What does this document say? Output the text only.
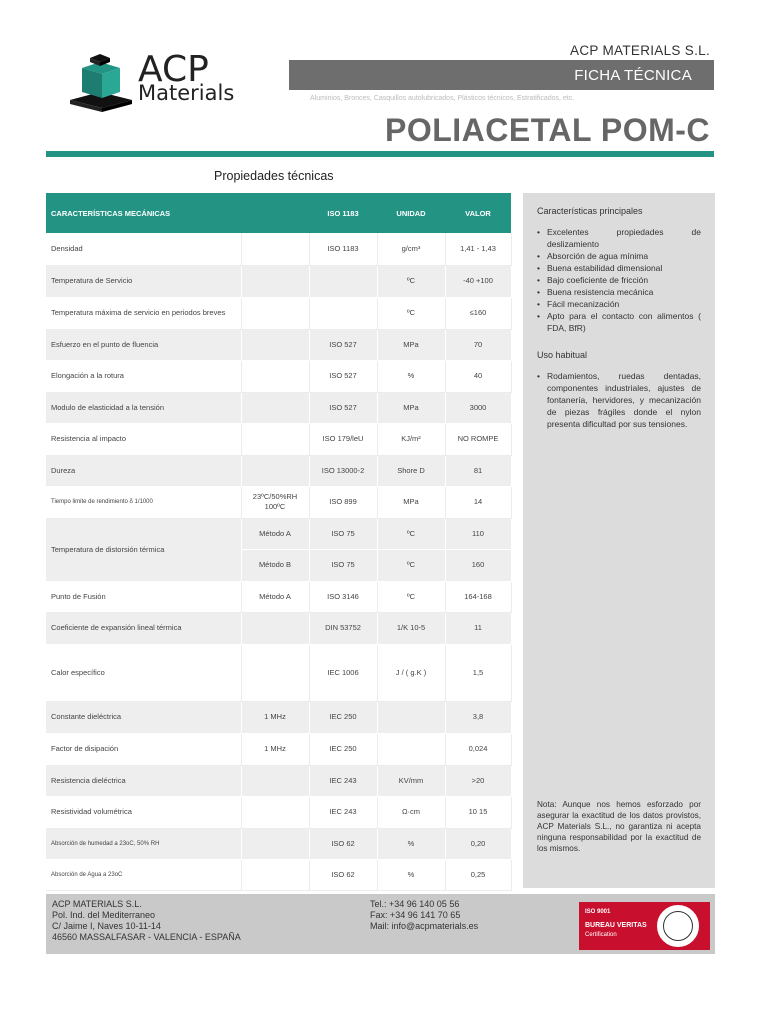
ACP
Materials
ACP MATERIALS S.L.
FICHA TÉCNICA
Aluminios, Bronces, Casquillos autolubricados, Plásticos técnicos, Estratificados, etc.
POLIACETAL POM-C
Propiedades técnicas
CARACTERÍSTICAS MECÁNICAS		ISO 1183	UNIDAD	VALOR
Densidad		ISO 1183	g/cm³	1,41 - 1,43
Temperatura de Servicio			ºC	-40 +100
Temperatura máxima de servicio en periodos breves			ºC	≤160
Esfuerzo en el punto de fluencia		ISO 527	MPa	70
Elongación a la rotura		ISO 527	%	40
Modulo de elasticidad a la tensión		ISO 527	MPa	3000
Resistencia al impacto		ISO 179/leU	KJ/m²	NO ROMPE
Dureza		ISO 13000-2	Shore D	81
Tiempo limite de rendimiento δ 1/1000	23ºC/50%RH 100ºC	ISO 899	MPa	14
Temperatura de distorsión térmica	Método A	ISO 75	ºC	110
	Método B	ISO 75	ºC	160
Punto de Fusión	Método A	ISO 3146	ºC	164-168
Coeficiente de expansión lineal térmica		DIN 53752	1/K 10-5	11
Calor específico		IEC 1006	J / ( g.K )	1,5
Constante dieléctrica	1 MHz	IEC 250		3,8
Factor de disipación	1 MHz	IEC 250		0,024
Resistencia dieléctrica		IEC 243	KV/mm	>20
Resistividad volumétrica		IEC 243	Ω·cm	10 15
Absorción de humedad a 23oC, 50% RH		ISO 62	%	0,20
Absorción de Agua a 23oC		ISO 62	%	0,25
Características principales
• Excelentes propiedades de deslizamiento
• Absorción de agua mínima
• Buena estabilidad dimensional
• Bajo coeficiente de fricción
• Buena resistencia mecánica
• Fácil mecanización
• Apto para el contacto con alimentos ( FDA, BfR)
Uso habitual
• Rodamientos, ruedas dentadas, componentes industriales, ajustes de fontanería, hervidores, y mecanización de piezas frágiles donde el nylon presenta dificultad por sus tensiones.
Nota: Aunque nos hemos esforzado por asegurar la exactitud de los datos provistos, ACP Materials S.L., no garantiza ni acepta ninguna responsabilidad por la exactitud de los mismos.
ACP MATERIALS S.L.
Pol. Ind. del Mediterraneo
C/ Jaime I, Naves 10-11-14
46560 MASSALFASAR - VALENCIA - ESPAÑA
Tel.: +34 96 140 05 56
Fax: +34 96 141 70 65
Mail: info@acpmaterials.es
ISO 9001
BUREAU VERITAS
Certification
